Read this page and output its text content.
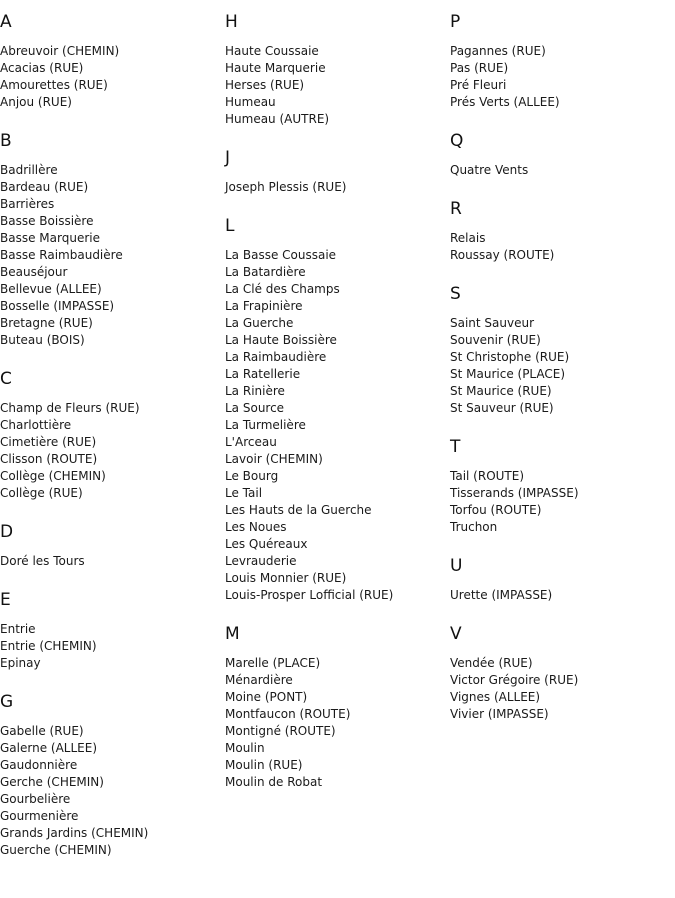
A
Abreuvoir (CHEMIN)
Acacias (RUE)
Amourettes (RUE)
Anjou (RUE)
B
Badrillère
Bardeau (RUE)
Barrières
Basse Boissière
Basse Marquerie
Basse Raimbaudière
Beauséjour
Bellevue (ALLEE)
Bosselle (IMPASSE)
Bretagne (RUE)
Buteau (BOIS)
C
Champ de Fleurs (RUE)
Charlottière
Cimetière (RUE)
Clisson (ROUTE)
Collège (CHEMIN)
Collège (RUE)
D
Doré les Tours
E
Entrie
Entrie (CHEMIN)
Epinay
G
Gabelle (RUE)
Galerne (ALLEE)
Gaudonnière
Gerche (CHEMIN)
Gourbelière
Gourmenière
Grands Jardins (CHEMIN)
Guerche (CHEMIN)
H
Haute Coussaie
Haute Marquerie
Herses (RUE)
Humeau
Humeau (AUTRE)
J
Joseph Plessis (RUE)
L
La Basse Coussaie
La Batardière
La Clé des Champs
La Frapinière
La Guerche
La Haute Boissière
La Raimbaudière
La Ratellerie
La Rinière
La Source
La Turmelière
L'Arceau
Lavoir (CHEMIN)
Le Bourg
Le Tail
Les Hauts de la Guerche
Les Noues
Les Quéreaux
Levrauderie
Louis Monnier (RUE)
Louis-Prosper Lofficial (RUE)
M
Marelle (PLACE)
Ménardière
Moine (PONT)
Montfaucon (ROUTE)
Montigné (ROUTE)
Moulin
Moulin (RUE)
Moulin de Robat
P
Pagannes (RUE)
Pas (RUE)
Pré Fleuri
Prés Verts (ALLEE)
Q
Quatre Vents
R
Relais
Roussay (ROUTE)
S
Saint Sauveur
Souvenir (RUE)
St Christophe (RUE)
St Maurice (PLACE)
St Maurice (RUE)
St Sauveur (RUE)
T
Tail (ROUTE)
Tisserands (IMPASSE)
Torfou (ROUTE)
Truchon
U
Urette (IMPASSE)
V
Vendée (RUE)
Victor Grégoire (RUE)
Vignes (ALLEE)
Vivier (IMPASSE)
